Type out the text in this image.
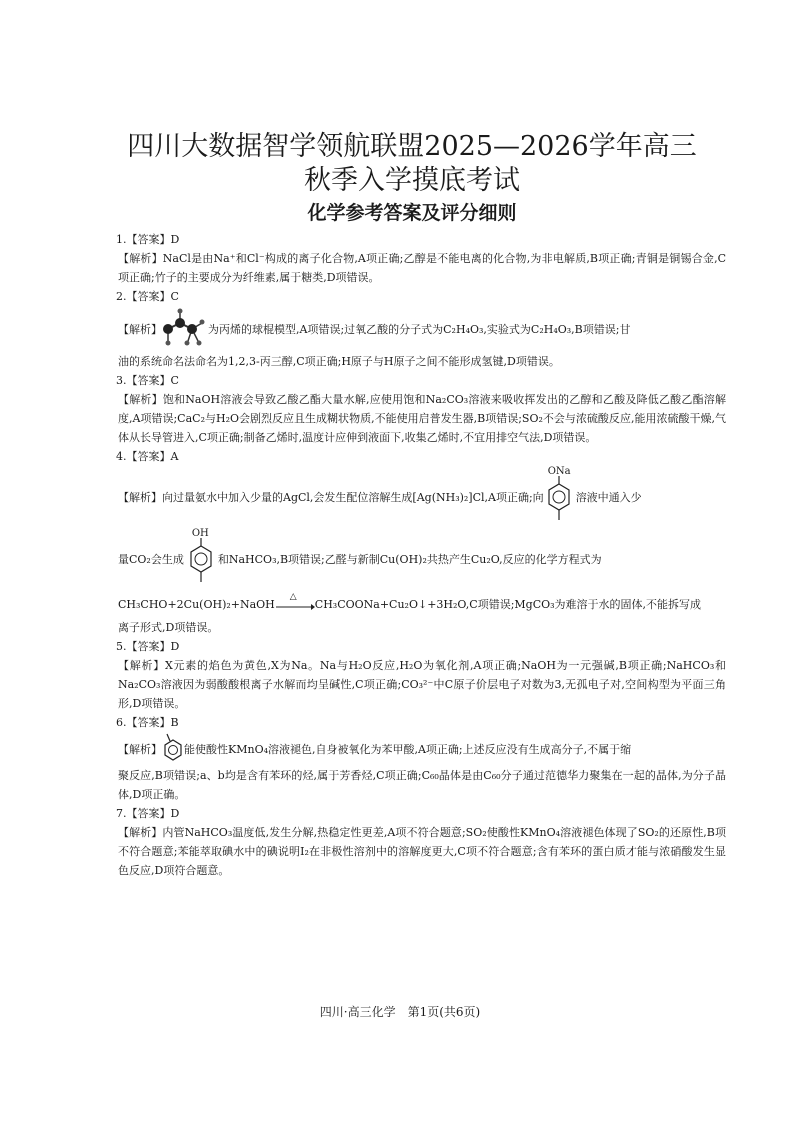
四川大数据智学领航联盟2025—2026学年高三
秋季入学摸底考试
化学参考答案及评分细则
1.【答案】D
【解析】NaCl是由Na⁺和Cl⁻构成的离子化合物,A项正确;乙醇是不能电离的化合物,为非电解质,B项正确;青铜是铜锡合金,C项正确;竹子的主要成分为纤维素,属于糖类,D项错误。
2.【答案】C
【解析】	为丙烯的球棍模型,A项错误;过氧乙酸的分子式为C₂H₄O₃,实验式为C₂H₄O₃,B项错误;甘
油的系统命名法命名为1,2,3-丙三醇,C项正确;H原子与H原子之间不能形成氢键,D项错误。
3.【答案】C
【解析】饱和NaOH溶液会导致乙酸乙酯大量水解,应使用饱和Na₂CO₃溶液来吸收挥发出的乙醇和乙酸及降低乙酸乙酯溶解度,A项错误;CaC₂与H₂O会剧烈反应且生成糊状物质,不能使用启普发生器,B项错误;SO₂不会与浓硫酸反应,能用浓硫酸干燥,气体从长导管进入,C项正确;制备乙烯时,温度计应伸到液面下,收集乙烯时,不宜用排空气法,D项错误。
4.【答案】A
【解析】向过量氨水中加入少量的AgCl,会发生配位溶解生成[Ag(NH₃)₂]Cl,A项正确;向
ONa
溶液中通入少
量CO₂会生成
OH
和NaHCO₃,B项错误;乙醛与新制Cu(OH)₂共热产生Cu₂O,反应的化学方程式为
CH₃CHO+2Cu(OH)₂+NaOH
△
CH₃COONa+Cu₂O↓+3H₂O,C项错误;MgCO₃为难溶于水的固体,不能拆写成
离子形式,D项错误。
5.【答案】D
【解析】X元素的焰色为黄色,X为Na。Na与H₂O反应,H₂O为氧化剂,A项正确;NaOH为一元强碱,B项正确;NaHCO₃和Na₂CO₃溶液因为弱酸酸根离子水解而均呈碱性,C项正确;CO₃²⁻中C原子价层电子对数为3,无孤电子对,空间构型为平面三角形,D项错误。
6.【答案】B
【解析】 能使酸性KMnO₄溶液褪色,自身被氧化为苯甲酸,A项正确;上述反应没有生成高分子,不属于缩
聚反应,B项错误;a、b均是含有苯环的烃,属于芳香烃,C项正确;C₆₀晶体是由C₆₀分子通过范德华力聚集在一起的晶体,为分子晶体,D项正确。
7.【答案】D
【解析】内管NaHCO₃温度低,发生分解,热稳定性更差,A项不符合题意;SO₂使酸性KMnO₄溶液褪色体现了SO₂的还原性,B项不符合题意;苯能萃取碘水中的碘说明I₂在非极性溶剂中的溶解度更大,C项不符合题意;含有苯环的蛋白质才能与浓硝酸发生显色反应,D项符合题意。
四川·高三化学　第1页(共6页)
